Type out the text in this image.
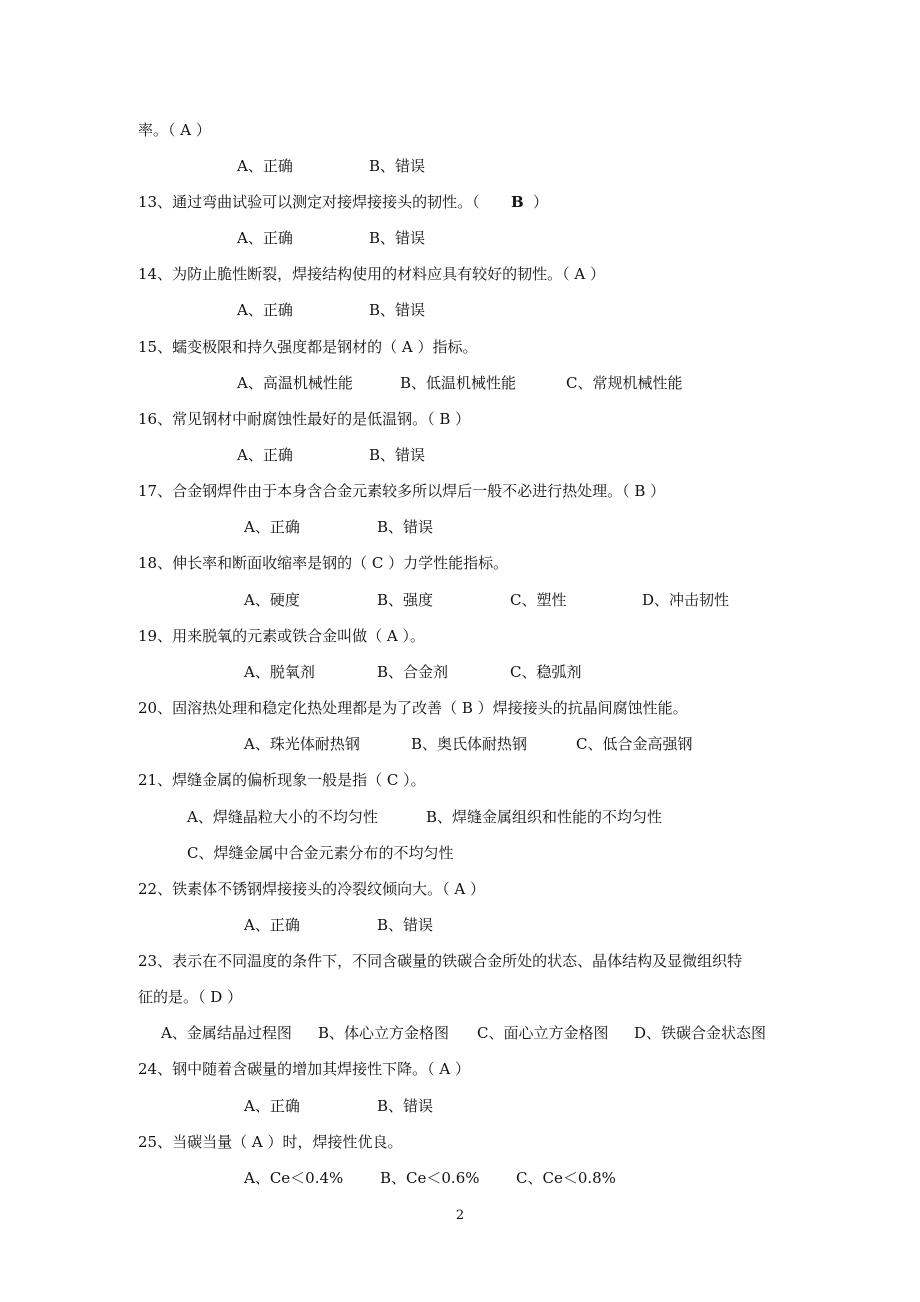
率。（ A ）
A、正确	B、错误
13、通过弯曲试验可以测定对接焊接接头的韧性。（ B ）
A、正确	B、错误
14、为防止脆性断裂，焊接结构使用的材料应具有较好的韧性。（ A ）
A、正确	B、错误
15、蠕变极限和持久强度都是钢材的（ A ）指标。
A、高温机械性能	B、低温机械性能	C、常规机械性能
16、常见钢材中耐腐蚀性最好的是低温钢。（ B ）
A、正确	B、错误
17、合金钢焊件由于本身含合金元素较多所以焊后一般不必进行热处理。（ B ）
A、正确	B、错误
18、伸长率和断面收缩率是钢的（ C ）力学性能指标。
A、硬度	B、强度	C、塑性	D、冲击韧性
19、用来脱氧的元素或铁合金叫做（ A ）。
A、脱氧剂	B、合金剂	C、稳弧剂
20、固溶热处理和稳定化热处理都是为了改善（ B ）焊接接头的抗晶间腐蚀性能。
A、珠光体耐热钢	B、奥氏体耐热钢	C、低合金高强钢
21、焊缝金属的偏析现象一般是指（ C ）。
A、焊缝晶粒大小的不均匀性	B、焊缝金属组织和性能的不均匀性
C、焊缝金属中合金元素分布的不均匀性
22、铁素体不锈钢焊接接头的冷裂纹倾向大。（ A ）
A、正确	B、错误
23、表示在不同温度的条件下，不同含碳量的铁碳合金所处的状态、晶体结构及显微组织特
征的是。（ D ）
A、金属结晶过程图 B、体心立方金格图 C、面心立方金格图 D、铁碳合金状态图
24、钢中随着含碳量的增加其焊接性下降。（ A ）
A、正确	B、错误
25、当碳当量（ A ）时，焊接性优良。
A、Ce＜0.4% B、Ce＜0.6% C、Ce＜0.8%
2
